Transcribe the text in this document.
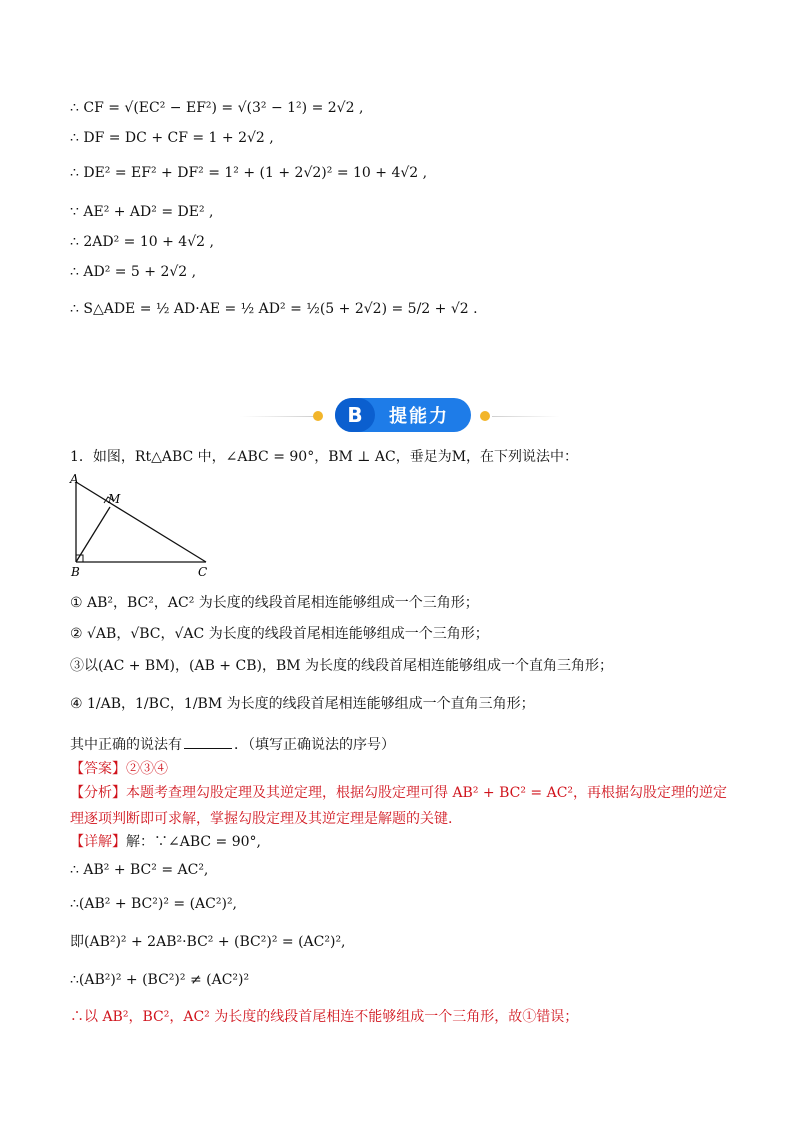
∴ CF = √(EC² − EF²) = √(3² − 1²) = 2√2 ,
∴ DF = DC + CF = 1 + 2√2 ,
∴ DE² = EF² + DF² = 1² + (1 + 2√2)² = 10 + 4√2 ,
∵ AE² + AD² = DE² ,
∴ 2AD² = 10 + 4√2 ,
∴ AD² = 5 + 2√2 ,
∴ S△ADE = ½ AD·AE = ½ AD² = ½(5 + 2√2) = 5/2 + √2 .
B	提能力
1．如图，Rt△ABC 中，∠ABC = 90°，BM ⊥ AC，垂足为M，在下列说法中：
A
M
B	C
① AB²，BC²，AC² 为长度的线段首尾相连能够组成一个三角形；
② √AB，√BC，√AC 为长度的线段首尾相连能够组成一个三角形；
③以(AC + BM)，(AB + CB)，BM 为长度的线段首尾相连能够组成一个直角三角形；
④ 1/AB，1/BC，1/BM 为长度的线段首尾相连能够组成一个直角三角形；
其中正确的说法有	．（填写正确说法的序号）
【答案】②③④
【分析】本题考查理勾股定理及其逆定理，根据勾股定理可得 AB² + BC² = AC²，再根据勾股定理的逆定
理逐项判断即可求解，掌握勾股定理及其逆定理是解题的关键.
【详解】解：∵∠ABC = 90°,
∴ AB² + BC² = AC²,
∴(AB² + BC²)² = (AC²)²,
即(AB²)² + 2AB²·BC² + (BC²)² = (AC²)²,
∴(AB²)² + (BC²)² ≠ (AC²)²
∴以 AB²，BC²，AC² 为长度的线段首尾相连不能够组成一个三角形，故①错误；
